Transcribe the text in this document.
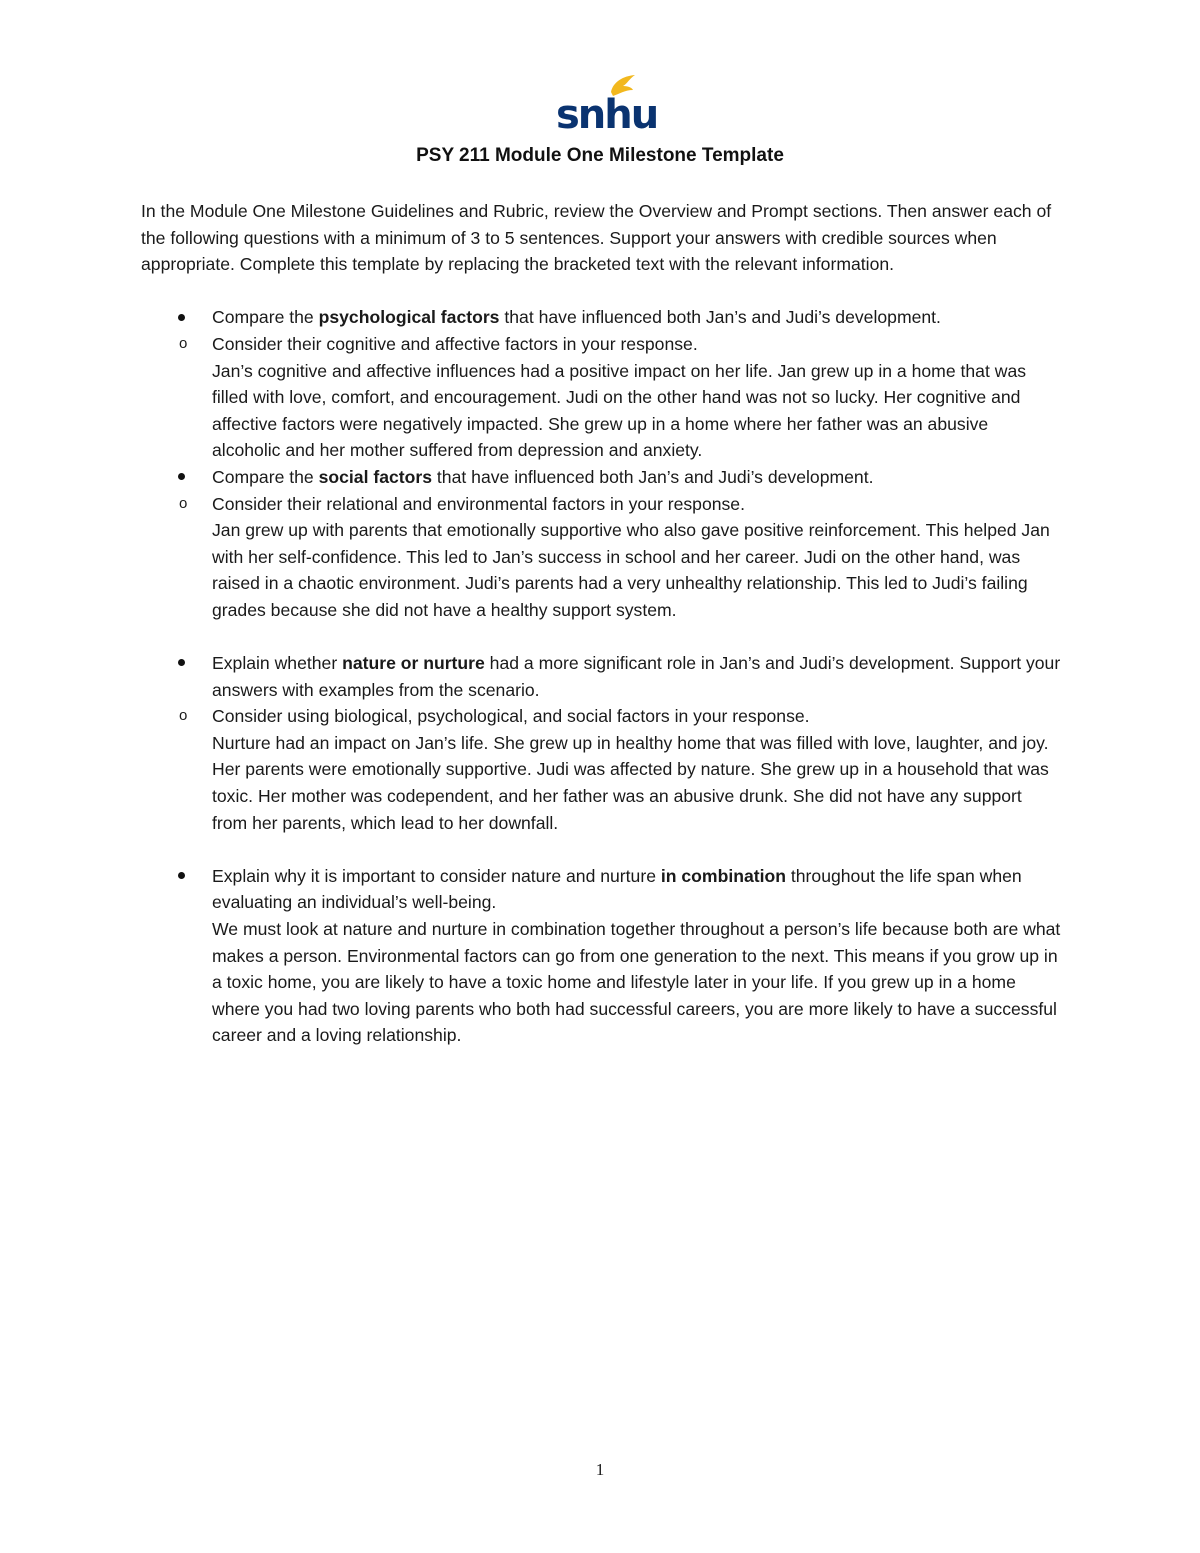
snhu
PSY 211 Module One Milestone Template

In the Module One Milestone Guidelines and Rubric, review the Overview and Prompt sections. Then answer each of the following questions with a minimum of 3 to 5 sentences. Support your answers with credible sources when appropriate. Complete this template by replacing the bracketed text with the relevant information.

Compare the psychological factors that have influenced both Jan’s and Judi’s development.
o Consider their cognitive and affective factors in your response.
Jan’s cognitive and affective influences had a positive impact on her life. Jan grew up in a home that was filled with love, comfort, and encouragement. Judi on the other hand was not so lucky. Her cognitive and affective factors were negatively impacted. She grew up in a home where her father was an abusive alcoholic and her mother suffered from depression and anxiety.
Compare the social factors that have influenced both Jan’s and Judi’s development.
o Consider their relational and environmental factors in your response.
Jan grew up with parents that emotionally supportive who also gave positive reinforcement. This helped Jan with her self-confidence. This led to Jan’s success in school and her career. Judi on the other hand, was raised in a chaotic environment. Judi’s parents had a very unhealthy relationship. This led to Judi’s failing grades because she did not have a healthy support system.
Explain whether nature or nurture had a more significant role in Jan’s and Judi’s development. Support your answers with examples from the scenario.
o Consider using biological, psychological, and social factors in your response.
Nurture had an impact on Jan’s life. She grew up in healthy home that was filled with love, laughter, and joy. Her parents were emotionally supportive. Judi was affected by nature. She grew up in a household that was toxic. Her mother was codependent, and her father was an abusive drunk. She did not have any support from her parents, which lead to her downfall.
Explain why it is important to consider nature and nurture in combination throughout the life span when evaluating an individual’s well-being.
We must look at nature and nurture in combination together throughout a person’s life because both are what makes a person. Environmental factors can go from one generation to the next. This means if you grow up in a toxic home, you are likely to have a toxic home and lifestyle later in your life. If you grew up in a home where you had two loving parents who both had successful careers, you are more likely to have a successful career and a loving relationship.
1
